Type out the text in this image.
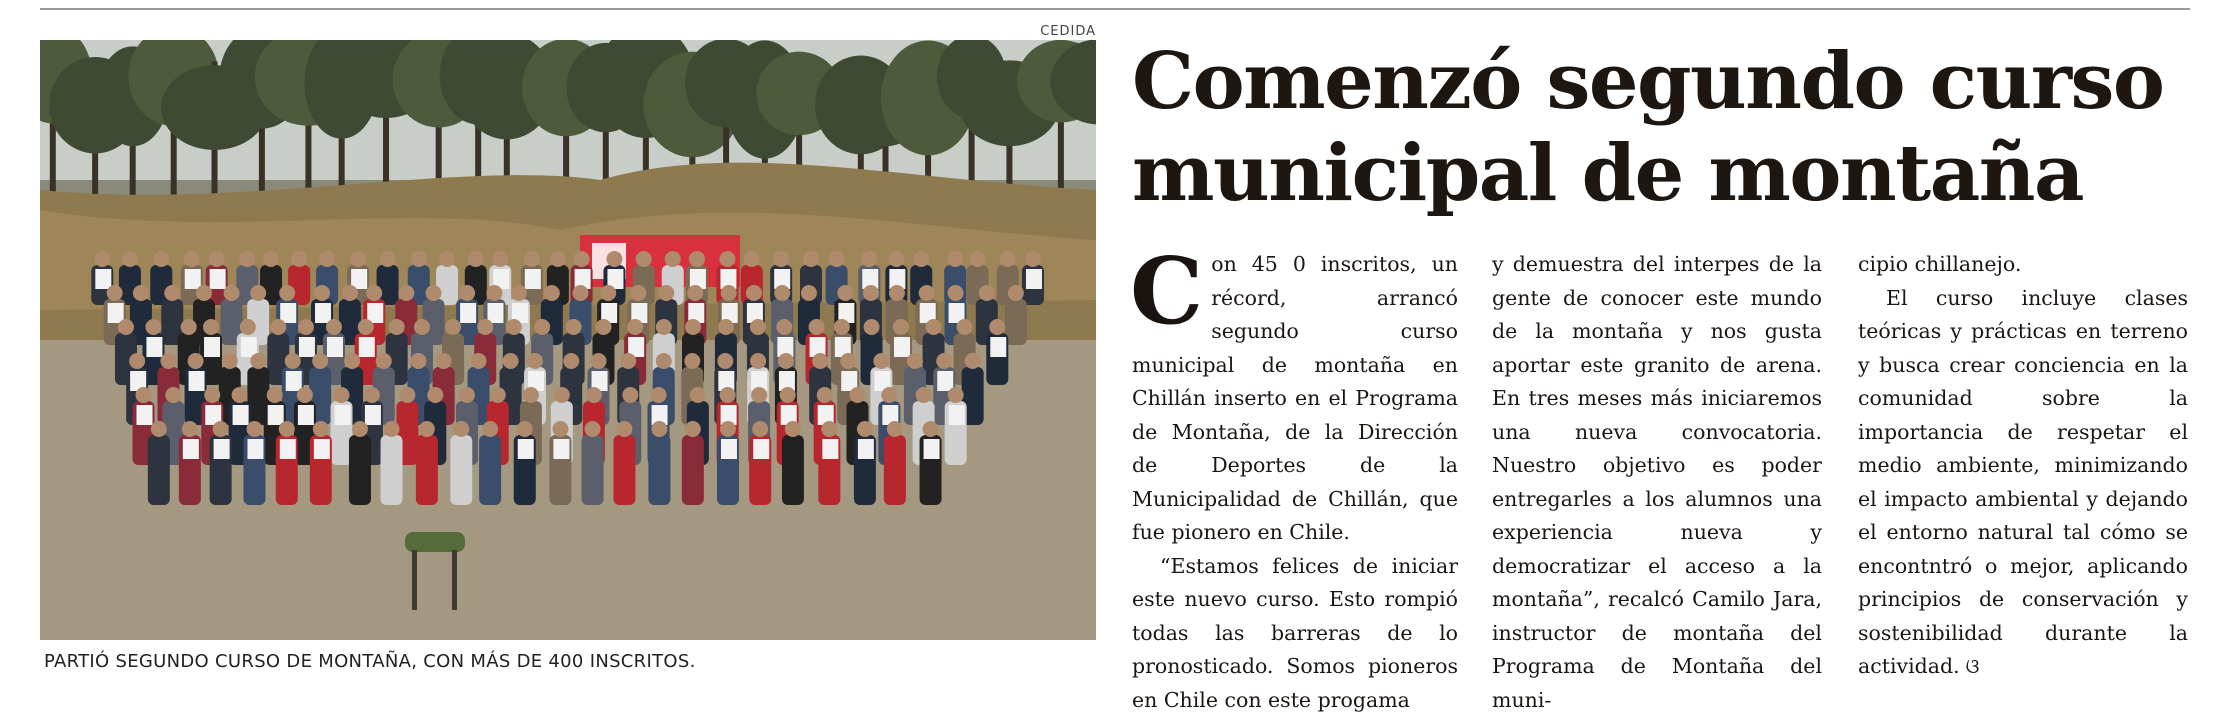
CEDIDA
PARTIÓ SEGUNDO CURSO DE MONTAÑA, CON MÁS DE 400 INSCRITOS.
Comenzó segundo curso
municipal de montaña

Con 45 0 inscritos, un récord, arrancó segundo curso municipal de montaña en Chillán inserto en el Programa de Montaña, de la Dirección de Deportes de la Municipalidad de Chillán, que fue pionero en Chile.

“Estamos felices de iniciar este nuevo curso. Esto rompió todas las barreras de lo pronosticado. Somos pioneros en Chile con este progama

y demuestra del interpes de la gente de conocer este mundo de la montaña y nos gusta aportar este granito de arena. En tres meses más iniciaremos una nueva convocatoria. Nuestro objetivo es poder entregarles a los alumnos una experiencia nueva y democratizar el acceso a la montaña”, recalcó Camilo Jara, instructor de montaña del Programa de Montaña del muni-

cipio chillanejo.

El curso incluye clases teóricas y prácticas en terreno y busca crear conciencia en la comunidad sobre la importancia de respetar el medio ambiente, minimizando el impacto ambiental y dejando el entorno natural tal cómo se encontntró o mejor, aplicando principios de conservación y sostenibilidad durante la actividad. ଓ
